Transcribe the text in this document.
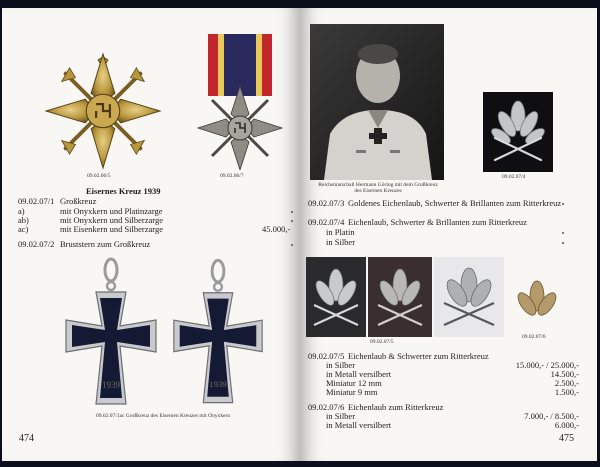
09.02.06/5	09.02.06/7
Eisernes Kreuz 1939
09.02.07/1 Großkreuz
a)	mit Onyxkern und Platinzarge
ab)	mit Onyxkern und Silberzarge
ac)	mit Eisenkern und Silberzarge	45.000,-
09.02.07/2 Bruststern zum Großkreuz
1939	1939
09.02.07/1ac Großkreuz des Eisernen Kreuzes mit Onyxkern
474
Reichsmarschall Hermann Göring mit dem Großkreuz
des Eisernen Kreuzes
09.02.07/4
09.02.07/3 Goldenes Eichenlaub, Schwerter & Brillanten zum Ritterkreuz
09.02.07/4 Eichenlaub, Schwerter & Brillanten zum Ritterkreuz
in Platin
in Silber
09.02.07/5
09.02.07/6
09.02.07/5 Eichenlaub & Schwerter zum Ritterkreuz
in Silber	15.000,- / 25.000,-
in Metall versilbert	14.500,-
Miniatur 12 mm	2.500,-
Miniatur 9 mm	1.500,-
09.02.07/6 Eichenlaub zum Ritterkreuz
in Silber	7.000,- / 8.500,-
in Metall versilbert	6.000,-
475
